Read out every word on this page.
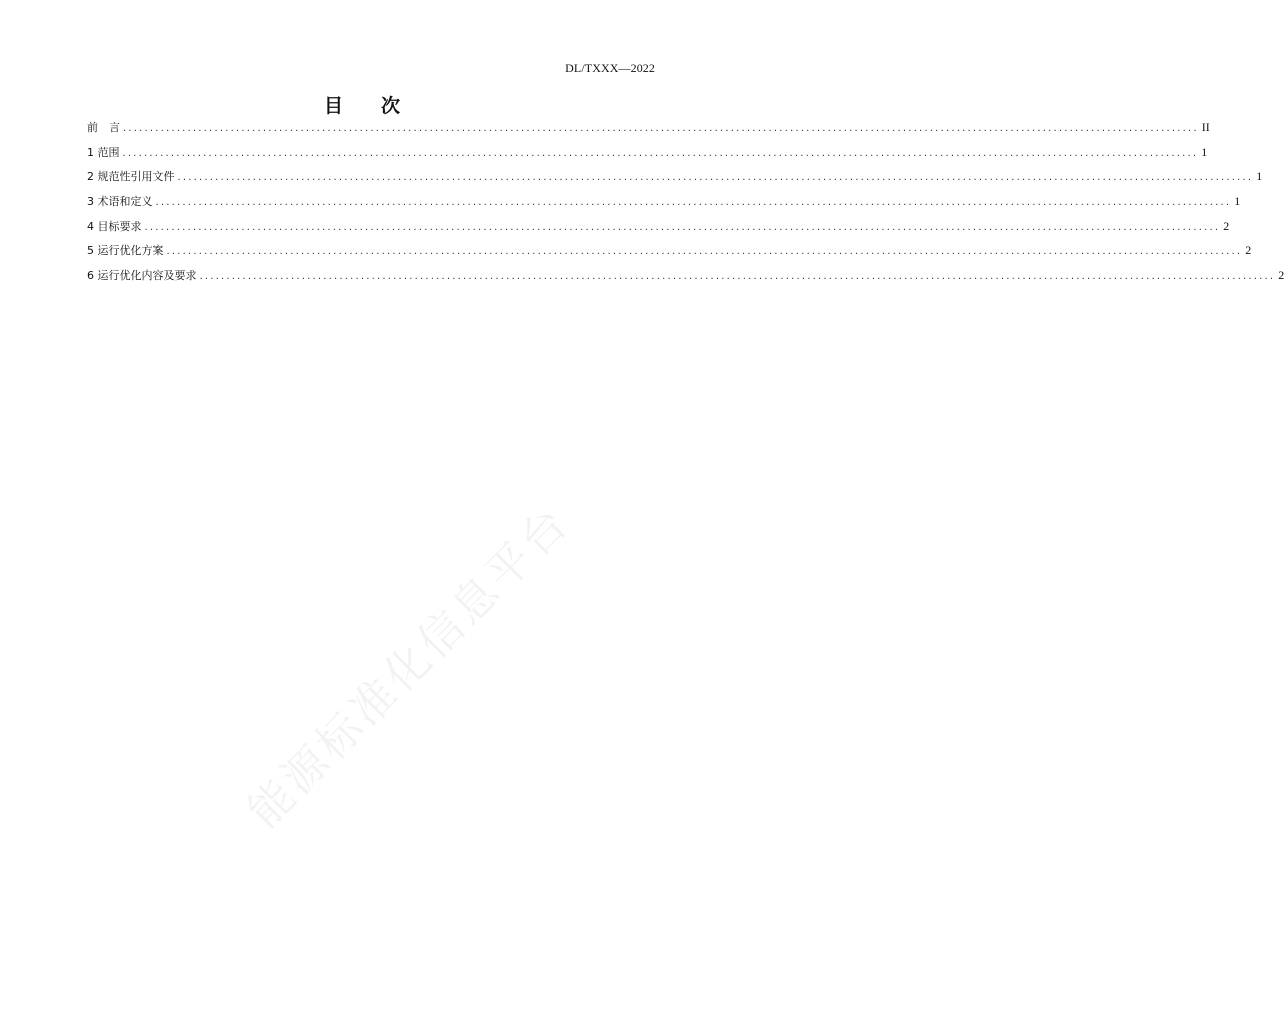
DL/TXXX—2022
目　　次
前　言 ........................................................................................................................................................................................................ II
1 范围 ........................................................................................................................................................................................................ 1
2 规范性引用文件 ........................................................................................................................................................................................................ 1
3 术语和定义 ........................................................................................................................................................................................................ 1
4 目标要求 ........................................................................................................................................................................................................ 2
5 运行优化方案 ........................................................................................................................................................................................................ 2
6 运行优化内容及要求 ........................................................................................................................................................................................................ 2
能源标准化信息平台
